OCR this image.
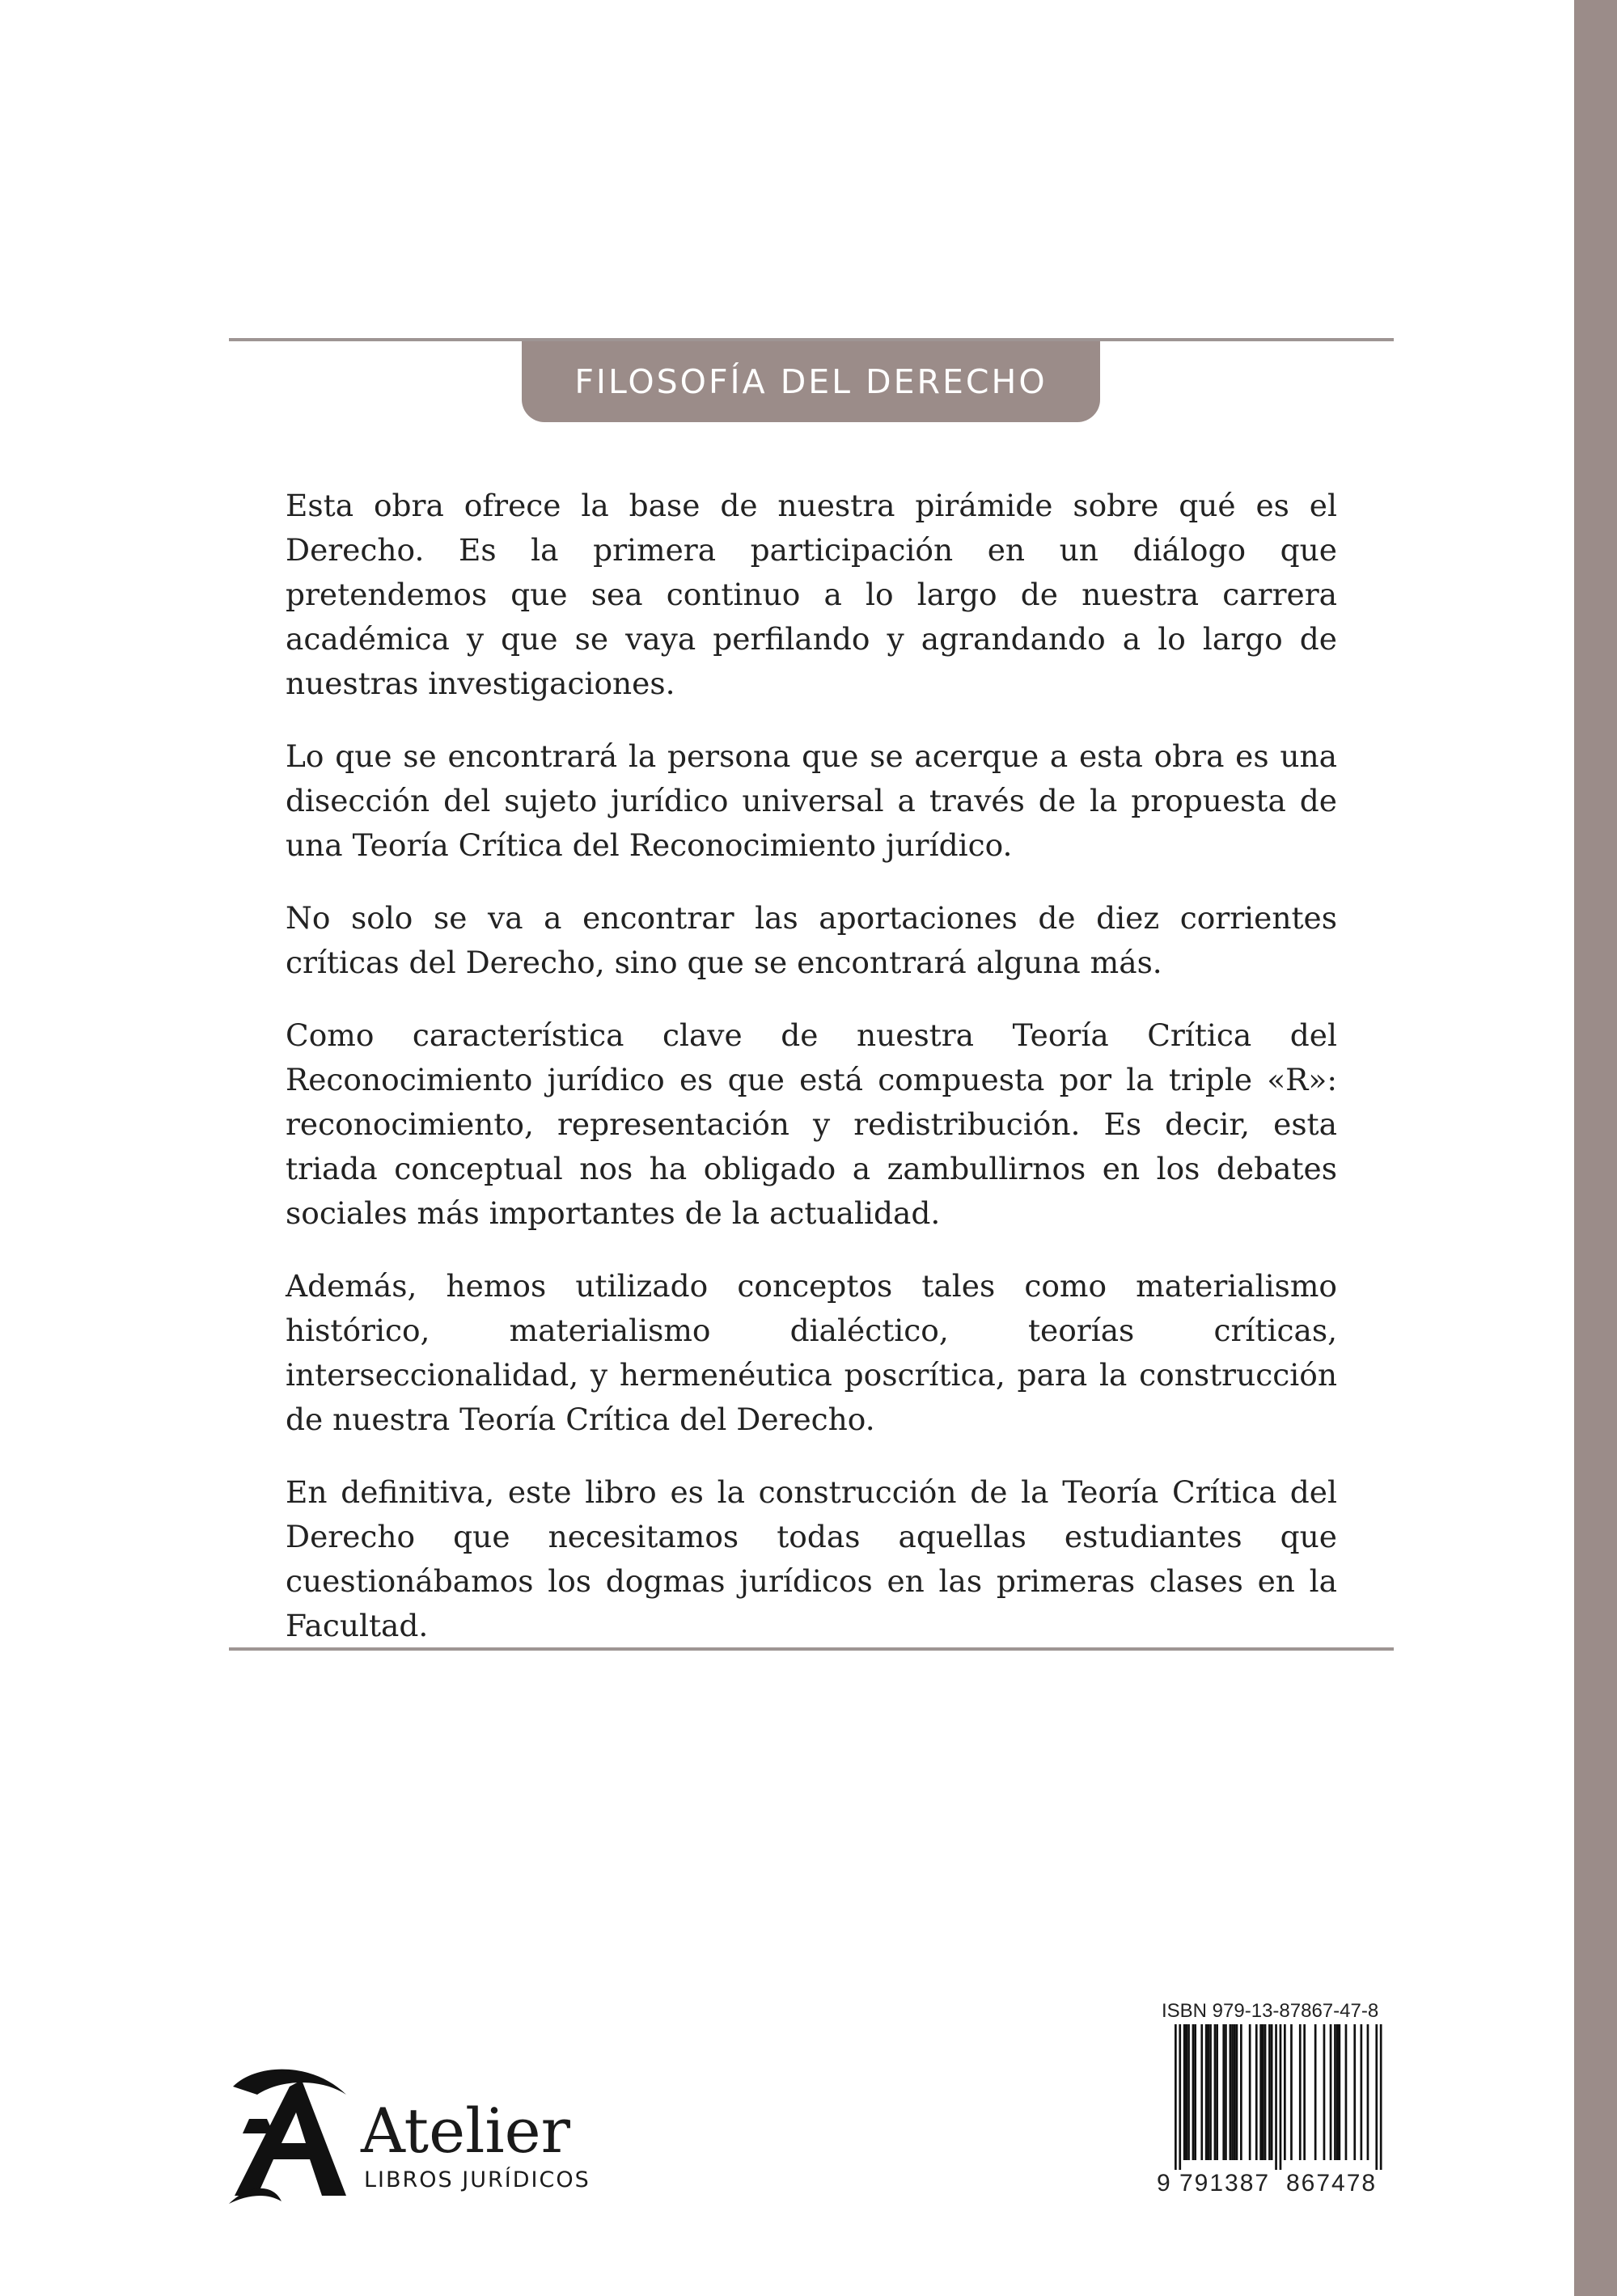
FILOSOFÍA DEL DERECHO

Esta obra ofrece la base de nuestra pirámide sobre qué es el Derecho. Es la primera participación en un diálogo que pretendemos que sea continuo a lo largo de nuestra carrera académica y que se vaya perfilando y agrandando a lo largo de nuestras investigaciones.

Lo que se encontrará la persona que se acerque a esta obra es una disección del sujeto jurídico universal a través de la propuesta de una Teoría Crítica del Reconocimiento jurídico.

No solo se va a encontrar las aportaciones de diez corrientes críticas del Derecho, sino que se encontrará alguna más.

Como característica clave de nuestra Teoría Crítica del Reconocimiento jurídico es que está compuesta por la triple «R»: reconocimiento, representación y redistribución. Es decir, esta triada conceptual nos ha obligado a zambullirnos en los debates sociales más importantes de la actualidad.

Además, hemos utilizado conceptos tales como materialismo histórico, materialismo dialéctico, teorías críticas, interseccionalidad, y hermenéutica poscrítica, para la construcción de nuestra Teoría Crítica del Derecho.

En definitiva, este libro es la construcción de la Teoría Crítica del Derecho que necesitamos todas aquellas estudiantes que cuestionábamos los dogmas jurídicos en las primeras clases en la Facultad.

Atelier
LIBROS JURÍDICOS
ISBN 979-13-87867-47-8
9 791387 867478
